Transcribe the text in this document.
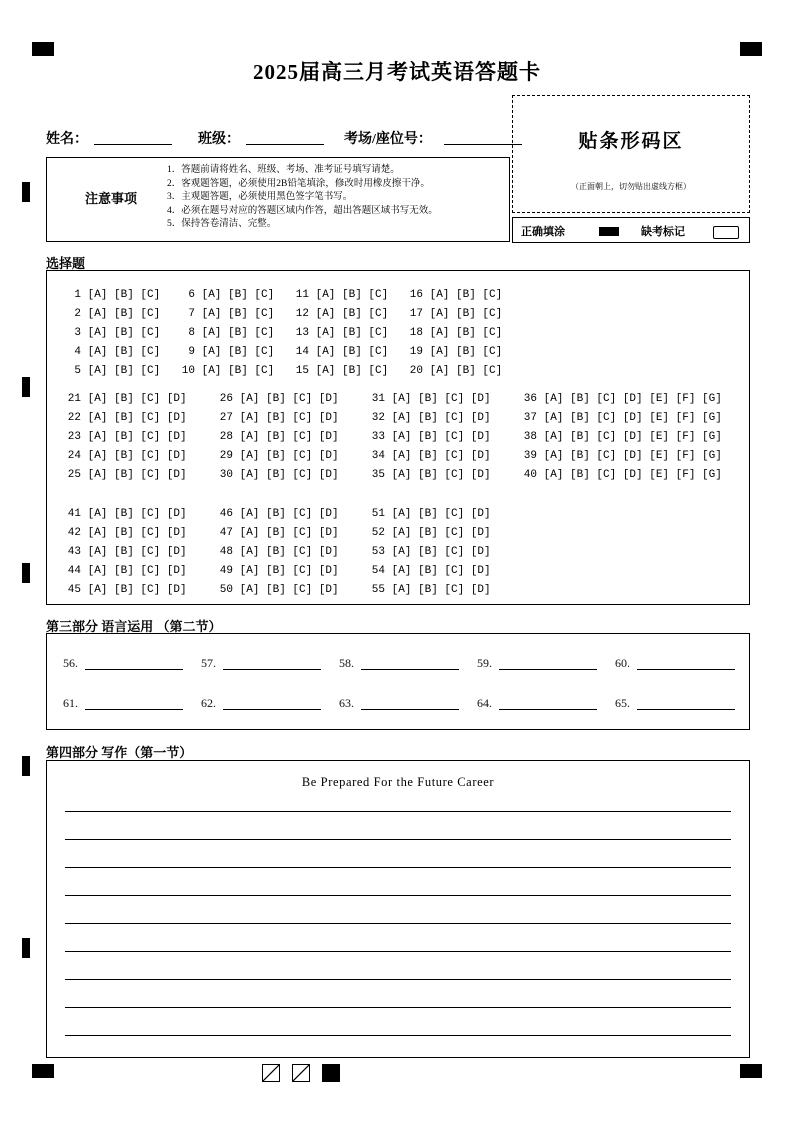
2025届高三月考试英语答题卡
姓名：	班级：	考场/座位号：
注意事项
1．答题前请将姓名、班级、考场、准考证号填写请楚。
2．客观题答题，必须使用2B铅笔填涂，修改时用橡皮擦干净。
3．主观题答题，必须使用黑色签字笔书写。
4．必须在题号对应的答题区域内作答，超出答题区域书写无效。
5．保持答卷清洁、完整。
贴条形码区
（正面朝上，切勿贴出虚线方框）
正确填涂	缺考标记
选择题
1 [A] [B] [C]
2 [A] [B] [C]
3 [A] [B] [C]
4 [A] [B] [C]
5 [A] [B] [C]
6 [A] [B] [C]
7 [A] [B] [C]
8 [A] [B] [C]
9 [A] [B] [C]
10 [A] [B] [C]
11 [A] [B] [C]
12 [A] [B] [C]
13 [A] [B] [C]
14 [A] [B] [C]
15 [A] [B] [C]
16 [A] [B] [C]
17 [A] [B] [C]
18 [A] [B] [C]
19 [A] [B] [C]
20 [A] [B] [C]
21 [A] [B] [C] [D]
22 [A] [B] [C] [D]
23 [A] [B] [C] [D]
24 [A] [B] [C] [D]
25 [A] [B] [C] [D]
26 [A] [B] [C] [D]
27 [A] [B] [C] [D]
28 [A] [B] [C] [D]
29 [A] [B] [C] [D]
30 [A] [B] [C] [D]
31 [A] [B] [C] [D]
32 [A] [B] [C] [D]
33 [A] [B] [C] [D]
34 [A] [B] [C] [D]
35 [A] [B] [C] [D]
36 [A] [B] [C] [D] [E] [F] [G]
37 [A] [B] [C] [D] [E] [F] [G]
38 [A] [B] [C] [D] [E] [F] [G]
39 [A] [B] [C] [D] [E] [F] [G]
40 [A] [B] [C] [D] [E] [F] [G]
41 [A] [B] [C] [D]
42 [A] [B] [C] [D]
43 [A] [B] [C] [D]
44 [A] [B] [C] [D]
45 [A] [B] [C] [D]
46 [A] [B] [C] [D]
47 [A] [B] [C] [D]
48 [A] [B] [C] [D]
49 [A] [B] [C] [D]
50 [A] [B] [C] [D]
51 [A] [B] [C] [D]
52 [A] [B] [C] [D]
53 [A] [B] [C] [D]
54 [A] [B] [C] [D]
55 [A] [B] [C] [D]
第三部分 语言运用 （第二节）
56.	57.	58.	59.	60.
61.	62.	63.	64.	65.
第四部分 写作（第一节）
Be Prepared For the Future Career
